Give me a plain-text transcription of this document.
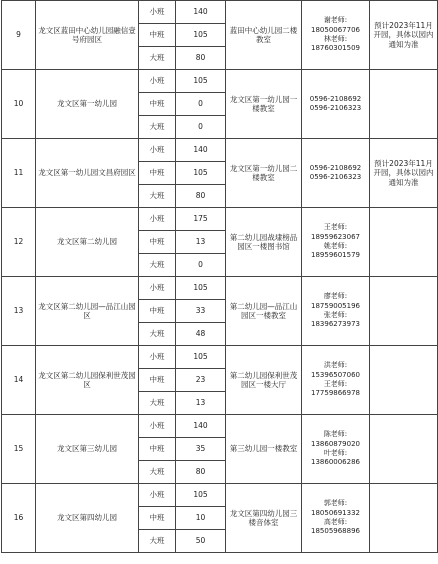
9	龙文区蓝田中心幼儿园融信壹号府园区	小班	140	蓝田中心幼儿园二楼教室	谢老师:
18050067706
林老师:
18760301509	预计2023年11月开园，具体以园内通知为准
		中班	105			
		大班	80			
10	龙文区第一幼儿园	小班	105	龙文区第一幼儿园一楼教室	0596-2108692
0596-2106323	

		中班	0			
		大班	0			
11	龙文区第一幼儿园文昌府园区	小班	140	龙文区第一幼儿园二楼教室	0596-2108692
0596-2106323	预计2023年11月开园，具体以园内通知为准
		中班	105			
		大班	80			
12	龙文区第二幼儿园	小班	175	第二幼儿园战埭榜品园区一楼图书馆	王老师:
18959623067
姚老师:
18959601579	

		中班	13			
		大班	0			
13	龙文区第二幼儿园—品江山园区	小班	105	第二幼儿园—品江山园区一楼教室	廖老师:
18759005196
张老师:
18396273973	

		中班	33			
		大班	48			
14	龙文区第二幼儿园保利世茂园区	小班	105	第二幼儿园保利世茂园区一楼大厅	洪老师:
15396507060
王老师:
17759866978	

		中班	23			
		大班	13			
15	龙文区第三幼儿园	小班	140	第三幼儿园一楼教室	陈老师:
13860879020
叶老师:
13860006286	

		中班	35			
		大班	80			
16	龙文区第四幼儿园	小班	105	龙文区第四幼儿园三楼音体室	郭老师:
18050691332
高老师:
18505968896	

		中班	10			
		大班	50			
